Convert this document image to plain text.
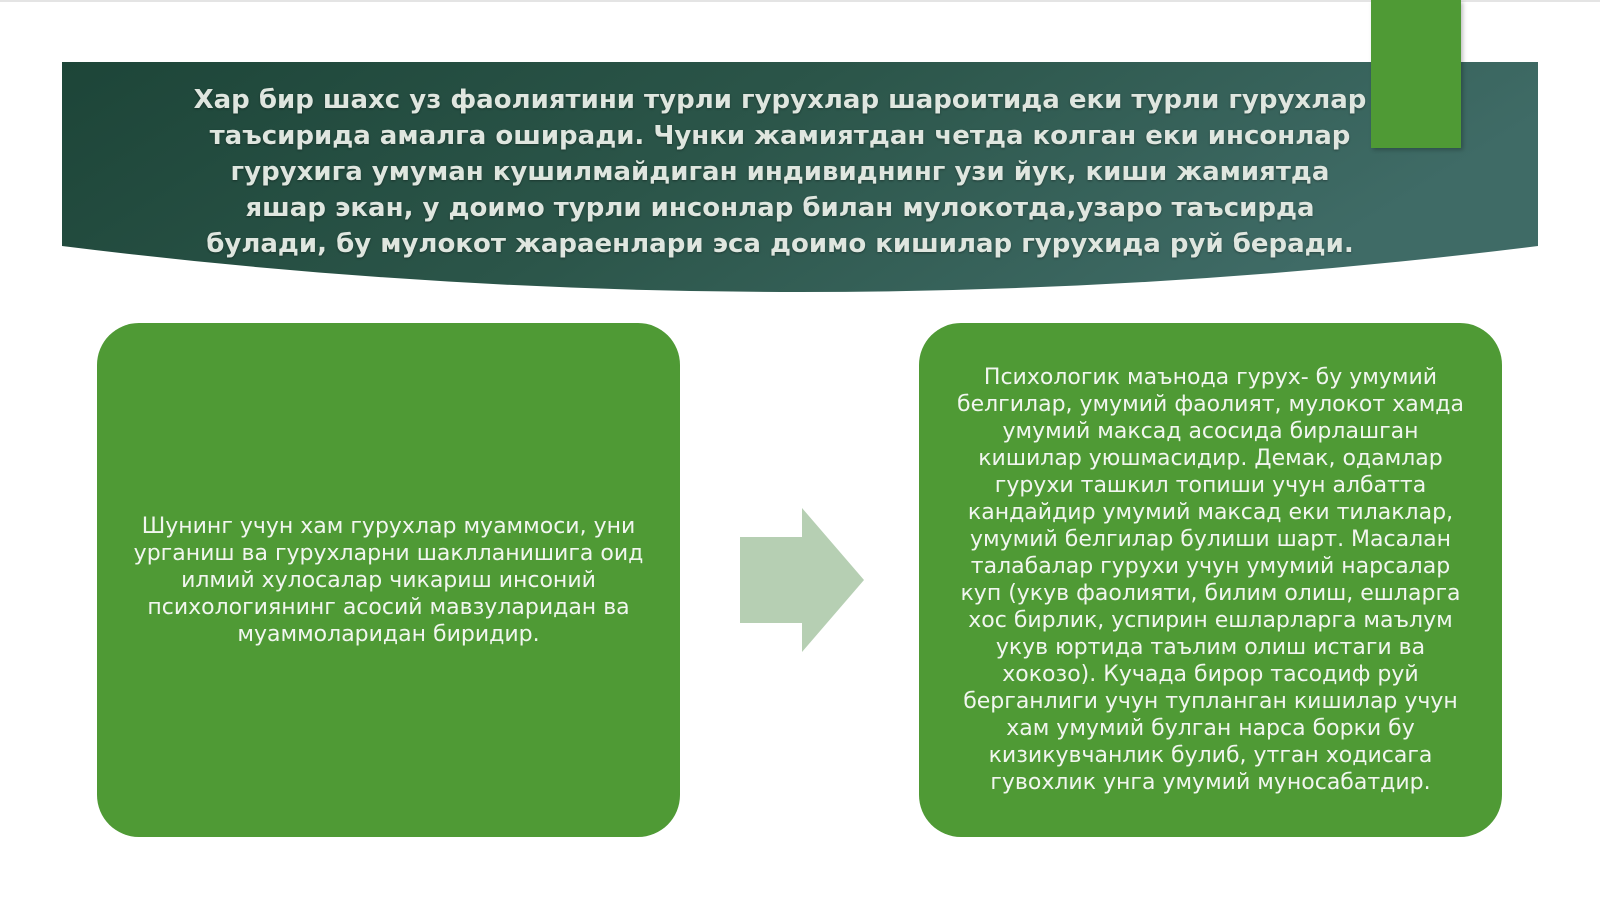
Хар бир шахс уз фаолиятини турли гурухлар шароитида еки турли гурухлар
таъсирида амалга оширади. Чунки жамиятдан четда колган еки инсонлар
гурухига умуман кушилмайдиган индивиднинг узи йук, киши жамиятда
яшар экан, у доимо турли инсонлар билан мулокотда,узаро таъсирда
булади, бу мулокот жараенлари эса доимо кишилар гурухида руй беради.

Шунинг учун хам гурухлар муаммоси, уни
урганиш ва гурухларни шаклланишига оид
илмий хулосалар чикариш инсоний
психологиянинг асосий мавзуларидан ва
муаммоларидан биридир.

Психологик маънода гурух- бу умумий
белгилар, умумий фаолият, мулокот хамда
умумий максад асосида бирлашган
кишилар уюшмасидир. Демак, одамлар
гурухи ташкил топиши учун албатта
кандайдир умумий максад еки тилаклар,
умумий белгилар булиши шарт. Масалан
талабалар гурухи учун умумий нарсалар
куп (укув фаолияти, билим олиш, ешларга
хос бирлик, успирин ешларларга маълум
укув юртида таълим олиш истаги ва
хокозо). Кучада бирор тасодиф руй
берганлиги учун тупланган кишилар учун
хам умумий булган нарса борки бу
кизикувчанлик булиб, утган ходисага
гувохлик унга умумий муносабатдир.
